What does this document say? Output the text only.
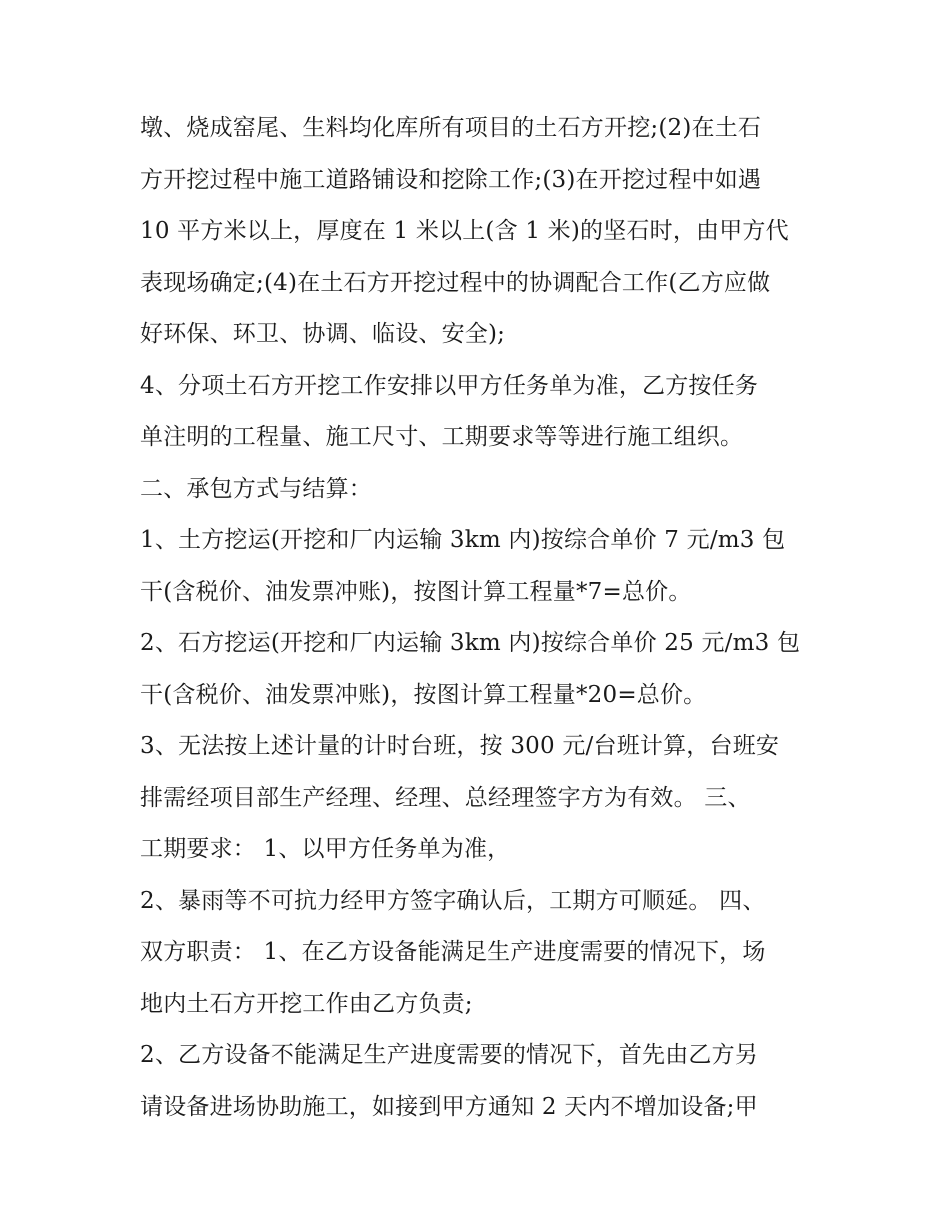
墩、烧成窑尾、生料均化库所有项目的土石方开挖;(2)在土石
方开挖过程中施工道路铺设和挖除工作;(3)在开挖过程中如遇
10 平方米以上，厚度在 1 米以上(含 1 米)的坚石时，由甲方代
表现场确定;(4)在土石方开挖过程中的协调配合工作(乙方应做
好环保、环卫、协调、临设、安全);
4、分项土石方开挖工作安排以甲方任务单为准，乙方按任务
单注明的工程量、施工尺寸、工期要求等等进行施工组织。
二、承包方式与结算：
1、土方挖运(开挖和厂内运输 3km 内)按综合单价 7 元/m3 包
干(含税价、油发票冲账)，按图计算工程量*7=总价。
2、石方挖运(开挖和厂内运输 3km 内)按综合单价 25 元/m3 包
干(含税价、油发票冲账)，按图计算工程量*20=总价。
3、无法按上述计量的计时台班，按 300 元/台班计算，台班安
排需经项目部生产经理、经理、总经理签字方为有效。 三、
工期要求： 1、以甲方任务单为准，
2、暴雨等不可抗力经甲方签字确认后，工期方可顺延。 四、
双方职责： 1、在乙方设备能满足生产进度需要的情况下，场
地内土石方开挖工作由乙方负责;
2、乙方设备不能满足生产进度需要的情况下，首先由乙方另
请设备进场协助施工，如接到甲方通知 2 天内不增加设备;甲
